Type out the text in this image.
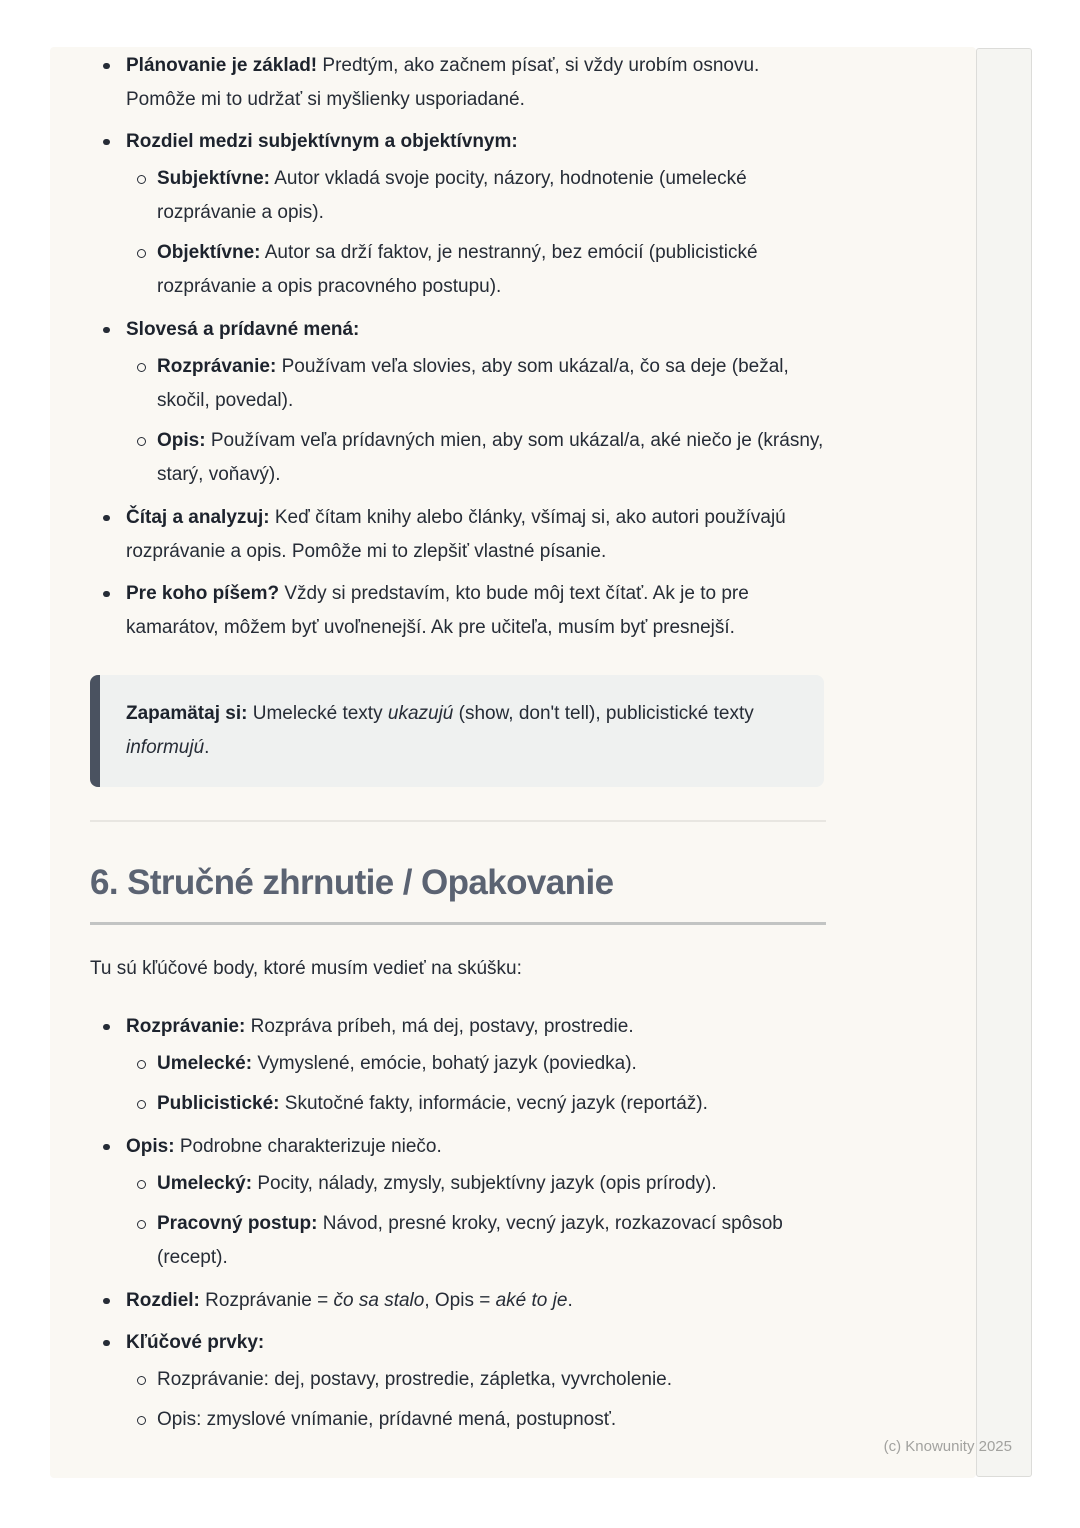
Plánovanie je základ! Predtým, ako začnem písať, si vždy urobím osnovu. Pomôže mi to udržať si myšlienky usporiadané.
Rozdiel medzi subjektívnym a objektívnym:
Subjektívne: Autor vkladá svoje pocity, názory, hodnotenie (umelecké rozprávanie a opis).
Objektívne: Autor sa drží faktov, je nestranný, bez emócií (publicistické rozprávanie a opis pracovného postupu).
Slovesá a prídavné mená:
Rozprávanie: Používam veľa slovies, aby som ukázal/a, čo sa deje (bežal, skočil, povedal).
Opis: Používam veľa prídavných mien, aby som ukázal/a, aké niečo je (krásny, starý, voňavý).
Čítaj a analyzuj: Keď čítam knihy alebo články, všímaj si, ako autori používajú rozprávanie a opis. Pomôže mi to zlepšiť vlastné písanie.
Pre koho píšem? Vždy si predstavím, kto bude môj text čítať. Ak je to pre kamarátov, môžem byť uvoľnenejší. Ak pre učiteľa, musím byť presnejší.
Zapamätaj si: Umelecké texty ukazujú (show, don't tell), publicistické texty informujú.
6. Stručné zhrnutie / Opakovanie

Tu sú kľúčové body, ktoré musím vedieť na skúšku:

Rozprávanie: Rozpráva príbeh, má dej, postavy, prostredie.
Umelecké: Vymyslené, emócie, bohatý jazyk (poviedka).
Publicistické: Skutočné fakty, informácie, vecný jazyk (reportáž).
Opis: Podrobne charakterizuje niečo.
Umelecký: Pocity, nálady, zmysly, subjektívny jazyk (opis prírody).
Pracovný postup: Návod, presné kroky, vecný jazyk, rozkazovací spôsob (recept).
Rozdiel: Rozprávanie = čo sa stalo, Opis = aké to je.
Kľúčové prvky:
Rozprávanie: dej, postavy, prostredie, zápletka, vyvrcholenie.
Opis: zmyslové vnímanie, prídavné mená, postupnosť.
(c) Knowunity 2025
